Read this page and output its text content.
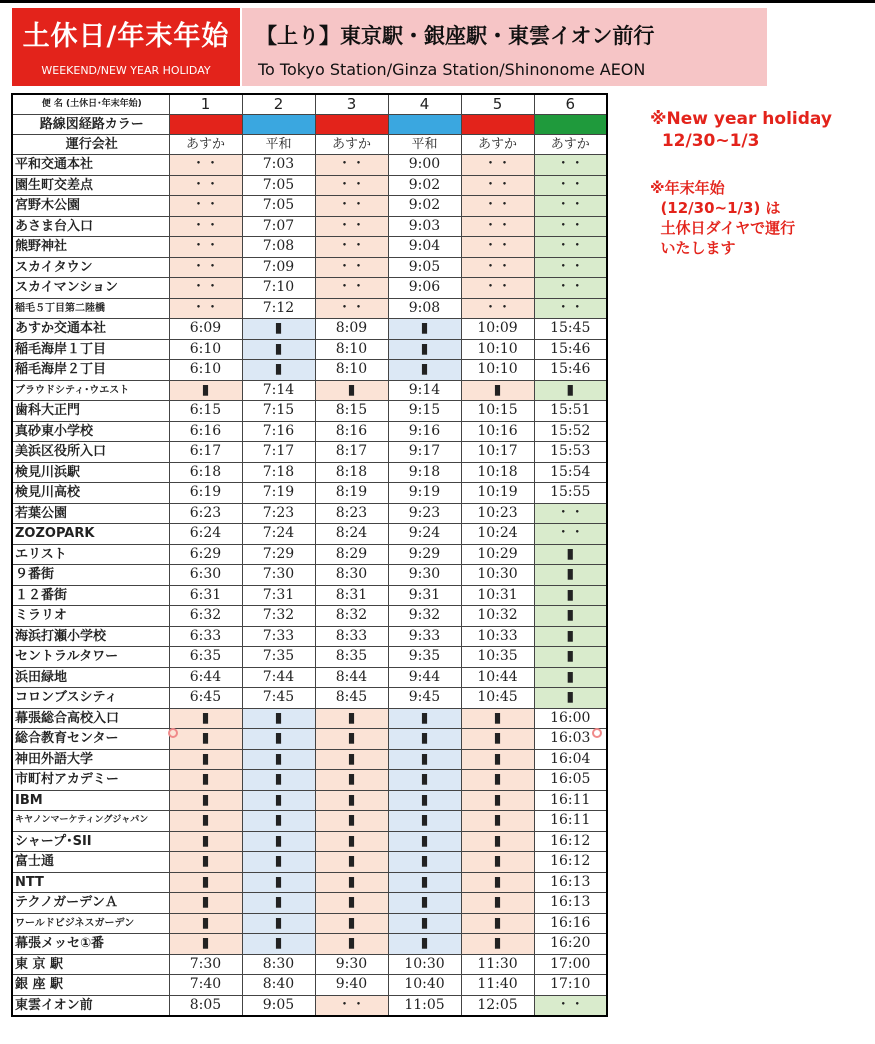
土休日/年末年始
WEEKEND/NEW YEAR HOLIDAY
【上り】東京駅・銀座駅・東雲イオン前行
To Tokyo Station/Ginza Station/Shinonome AEON
※New year holiday
12/30~1/3
※年末年始
(12/30~1/3) は
土休日ダイヤで運行
いたします
便 名 (土休日･年末年始)	1	2	3	4	5	6
路線図経路カラー						
運行会社	あすか	平和	あすか	平和	あすか	あすか
平和交通本社	・・	7:03	・・	9:00	・・	・・
園生町交差点	・・	7:05	・・	9:02	・・	・・
宮野木公園	・・	7:05	・・	9:02	・・	・・
あさま台入口	・・	7:07	・・	9:03	・・	・・
熊野神社	・・	7:08	・・	9:04	・・	・・
スカイタウン	・・	7:09	・・	9:05	・・	・・
スカイマンション	・・	7:10	・・	9:06	・・	・・
稲毛５丁目第二陸橋	・・	7:12	・・	9:08	・・	・・
あすか交通本社	6:09	▮	8:09	▮	10:09	15:45
稲毛海岸１丁目	6:10	▮	8:10	▮	10:10	15:46
稲毛海岸２丁目	6:10	▮	8:10	▮	10:10	15:46
ブラウドシティ･ウエスト	▮	7:14	▮	9:14	▮	▮
歯科大正門	6:15	7:15	8:15	9:15	10:15	15:51
真砂東小学校	6:16	7:16	8:16	9:16	10:16	15:52
美浜区役所入口	6:17	7:17	8:17	9:17	10:17	15:53
検見川浜駅	6:18	7:18	8:18	9:18	10:18	15:54
検見川高校	6:19	7:19	8:19	9:19	10:19	15:55
若葉公園	6:23	7:23	8:23	9:23	10:23	・・
ZOZOPARK	6:24	7:24	8:24	9:24	10:24	・・
エリスト	6:29	7:29	8:29	9:29	10:29	▮
９番街	6:30	7:30	8:30	9:30	10:30	▮
１２番街	6:31	7:31	8:31	9:31	10:31	▮
ミラリオ	6:32	7:32	8:32	9:32	10:32	▮
海浜打瀬小学校	6:33	7:33	8:33	9:33	10:33	▮
セントラルタワー	6:35	7:35	8:35	9:35	10:35	▮
浜田緑地	6:44	7:44	8:44	9:44	10:44	▮
コロンブスシティ	6:45	7:45	8:45	9:45	10:45	▮
幕張総合高校入口	▮	▮	▮	▮	▮	16:00
総合教育センター	▮	▮	▮	▮	▮	16:03
神田外語大学	▮	▮	▮	▮	▮	16:04
市町村アカデミー	▮	▮	▮	▮	▮	16:05
IBM	▮	▮	▮	▮	▮	16:11
キヤノンマーケティングジャパン	▮	▮	▮	▮	▮	16:11
シャープ･SII	▮	▮	▮	▮	▮	16:12
富士通	▮	▮	▮	▮	▮	16:12
NTT	▮	▮	▮	▮	▮	16:13
テクノガーデンＡ	▮	▮	▮	▮	▮	16:13
ワールドビジネスガーデン	▮	▮	▮	▮	▮	16:16
幕張メッセ①番	▮	▮	▮	▮	▮	16:20
東 京 駅	7:30	8:30	9:30	10:30	11:30	17:00
銀 座 駅	7:40	8:40	9:40	10:40	11:40	17:10
東雲イオン前	8:05	9:05	・・	11:05	12:05	・・
